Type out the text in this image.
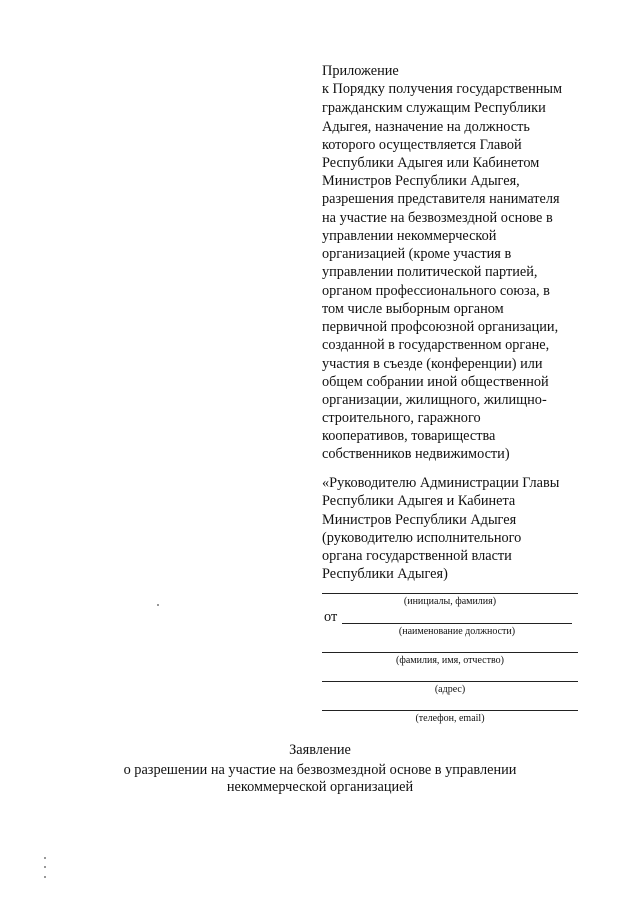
Приложение
к Порядку получения государственным
гражданским служащим Республики
Адыгея, назначение на должность
которого осуществляется Главой
Республики Адыгея или Кабинетом
Министров Республики Адыгея,
разрешения представителя нанимателя
на участие на безвозмездной основе в
управлении некоммерческой
организацией (кроме участия в
управлении политической партией,
органом профессионального союза, в
том числе выборным органом
первичной профсоюзной организации,
созданной в государственном органе,
участия в съезде (конференции) или
общем собрании иной общественной
организации, жилищного, жилищно-
строительного, гаражного
кооперативов, товарищества
собственников недвижимости)
«Руководителю Администрации Главы
Республики Адыгея и Кабинета
Министров Республики Адыгея
(руководителю исполнительного
органа государственной власти
Республики Адыгея)
(инициалы, фамилия)
от
(наименование должности)
(фамилия, имя, отчество)
(адрес)
(телефон, email)
Заявление
о разрешении на участие на безвозмездной основе в управлении
некоммерческой организацией
